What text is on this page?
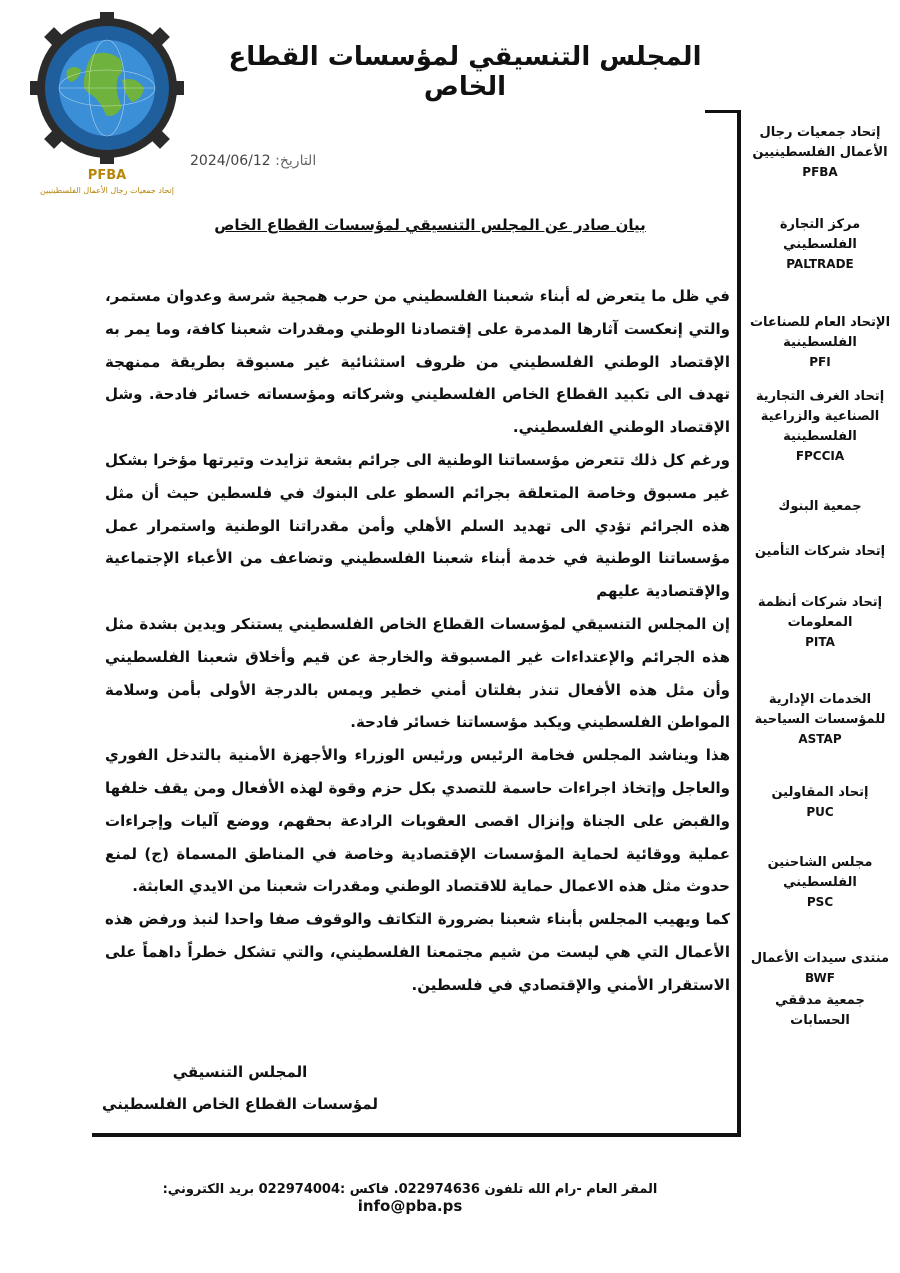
PFBA
إتحاد جمعيات رجال الأعمال الفلسطينيين
المجلس التنسيقي لمؤسسات القطاع الخاص
إتحاد جمعيات رجال الأعمال الفلسطينيين
PFBA
مركز التجارة الفلسطيني
PALTRADE
الإتحاد العام للصناعات الفلسطينية
PFI
إتحاد الغرف التجارية الصناعية والزراعية الفلسطينية
FPCCIA
جمعية البنوك
إتحاد شركات التأمين
إتحاد شركات أنظمة المعلومات
PITA
الخدمات الإدارية للمؤسسات السياحية
ASTAP
إتحاد المقاولين
PUC
مجلس الشاحنين الفلسطيني
PSC
منتدى سيدات الأعمال
BWF
جمعية مدققي الحسابات
التاريخ: 2024/06/12
بيان صادر عن المجلس التنسيقي لمؤسسات القطاع الخاص

في ظل ما يتعرض له أبناء شعبنا الفلسطيني من حرب همجية شرسة وعدوان مستمر، والتي إنعكست آثارها المدمرة على إقتصادنا الوطني ومقدرات شعبنا كافة، وما يمر به الإقتصاد الوطني الفلسطيني من ظروف استثنائية غير مسبوقة بطريقة ممنهجة تهدف الى تكبيد القطاع الخاص الفلسطيني وشركاته ومؤسساته خسائر فادحة. وشل الإقتصاد الوطني الفلسطيني.

ورغم كل ذلك تتعرض مؤسساتنا الوطنية الى جرائم بشعة تزايدت وتيرتها مؤخرا بشكل غير مسبوق وخاصة المتعلقة بجرائم السطو على البنوك في فلسطين حيث أن مثل هذه الجرائم تؤدي الى تهديد السلم الأهلي وأمن مقدراتنا الوطنية واستمرار عمل مؤسساتنا الوطنية في خدمة أبناء شعبنا الفلسطيني وتضاعف من الأعباء الإجتماعية والإقتصادية عليهم

إن المجلس التنسيقي لمؤسسات القطاع الخاص الفلسطيني يستنكر ويدين بشدة مثل هذه الجرائم والإعتداءات غير المسبوقة والخارجة عن قيم وأخلاق شعبنا الفلسطيني وأن مثل هذه الأفعال تنذر بفلتان أمني خطير ويمس بالدرجة الأولى بأمن وسلامة المواطن الفلسطيني ويكبد مؤسساتنا خسائر فادحة.

هذا ويناشد المجلس فخامة الرئيس ورئيس الوزراء والأجهزة الأمنية بالتدخل الفوري والعاجل وإتخاذ اجراءات حاسمة للتصدي بكل حزم وقوة لهذه الأفعال ومن يقف خلفها والقبض على الجناة وإنزال اقصى العقوبات الرادعة بحقهم، ووضع آليات وإجراءات عملية ووقائية لحماية المؤسسات الإقتصادية وخاصة في المناطق المسماة (ج) لمنع حدوث مثل هذه الاعمال حماية للاقتصاد الوطني ومقدرات شعبنا من الايدي العابثة.

كما ويهيب المجلس بأبناء شعبنا بضرورة التكاتف والوقوف صفا واحدا لنبذ ورفض هذه الأعمال التي هي ليست من شيم مجتمعنا الفلسطيني، والتي تشكل خطراً داهماً على الاستقرار الأمني والإقتصادي في فلسطين.

المجلس التنسيقي
لمؤسسات القطاع الخاص الفلسطيني
المقر العام -رام الله تلفون 022974636. فاكس :022974004 بريد الكتروني: info@pba.ps
